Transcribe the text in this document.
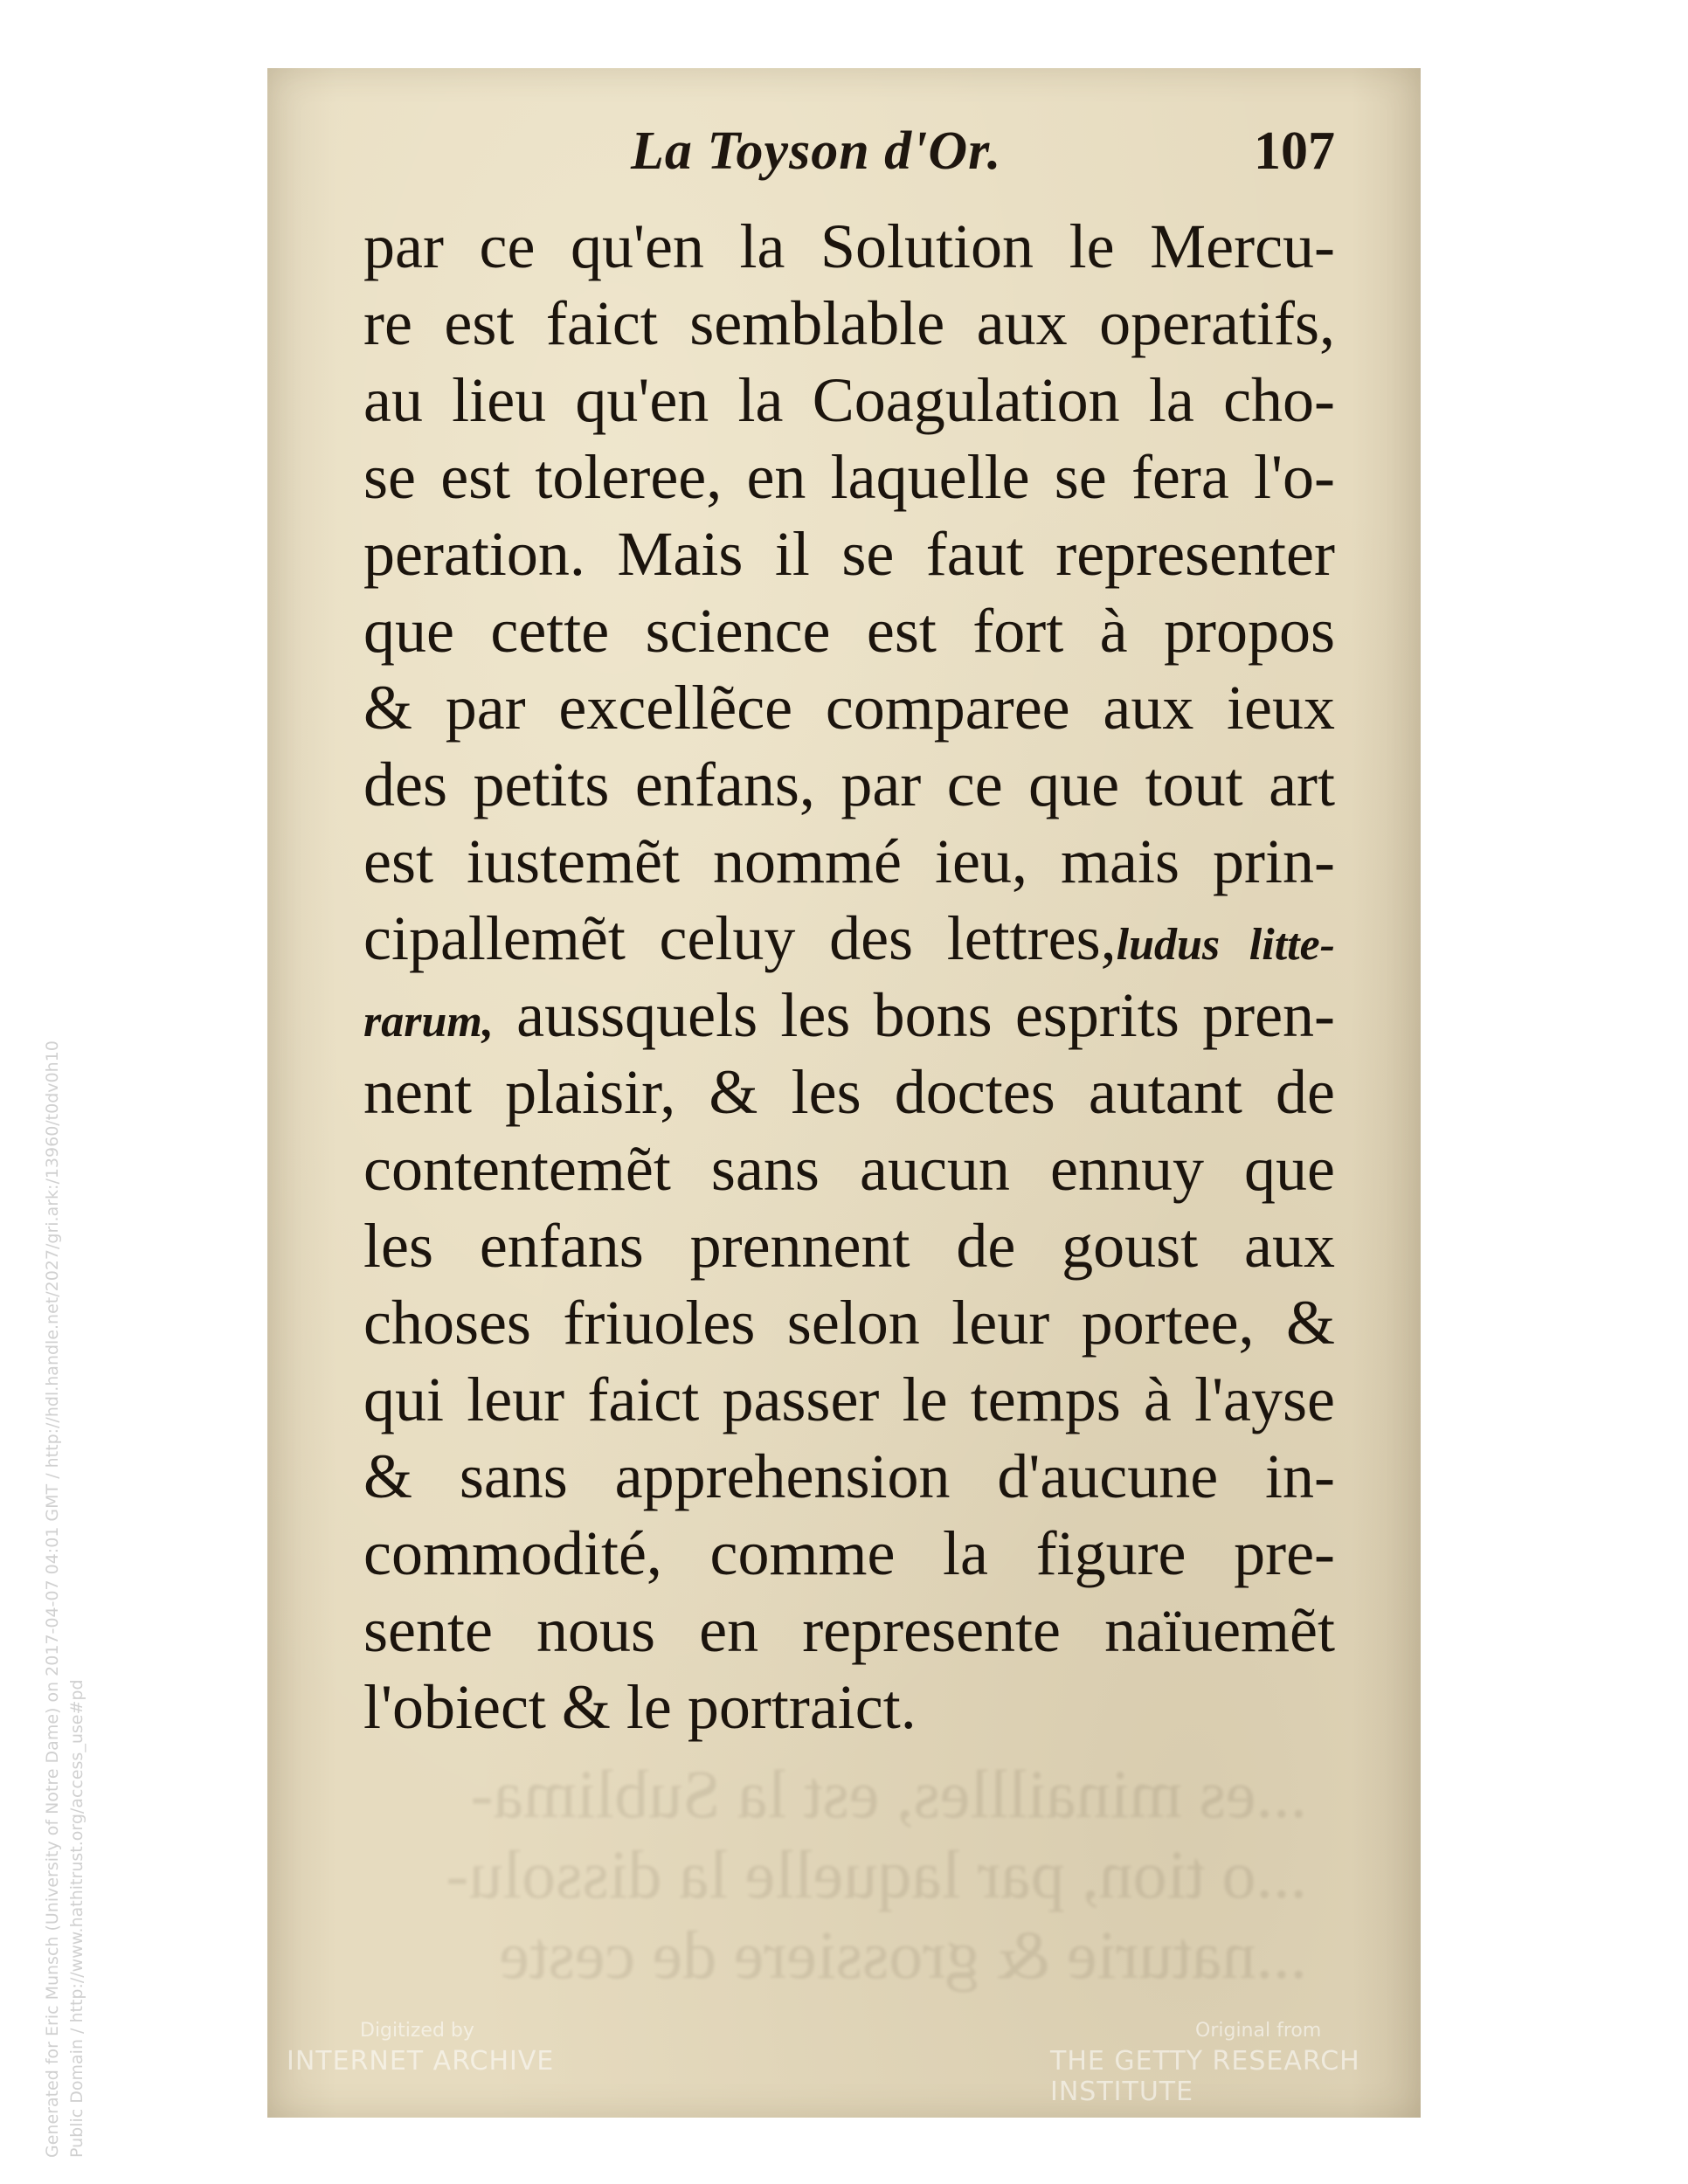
...es minaillles, est la Sublima-
...o tion, par laquelle la dissolu-
...naturie & grossiere de ceste
La Toyson d'Or.	107
par ce qu'en la Solution le Mercu-
re est faict semblable aux operatifs,
au lieu qu'en la Coagulation la cho-
se est toleree, en laquelle se fera l'o-
peration. Mais il se faut representer
que cette science est fort à propos
& par excellẽce comparee aux ieux
des petits enfans, par ce que tout art
est iustemẽt nommé ieu, mais prin-
cipallemẽt celuy des lettres,ludus litte-
rarum, aussquels les bons esprits pren-
nent plaisir, & les doctes autant de
contentemẽt sans aucun ennuy que
les enfans prennent de goust aux
choses friuoles selon leur portee, &
qui leur faict passer le temps à l'ayse
& sans apprehension d'aucune in-
commodité, comme la figure pre-
sente nous en represente naïuemẽt
l'obiect & le portraict.
Digitized by
INTERNET ARCHIVE
Original from
THE GETTY RESEARCH INSTITUTE
Generated for Eric Munsch (University of Notre Dame) on 2017-04-07 04:01 GMT / http://hdl.handle.net/2027/gri.ark:/13960/t0dv0h10 Public Domain / http://www.hathitrust.org/access_use#pd
